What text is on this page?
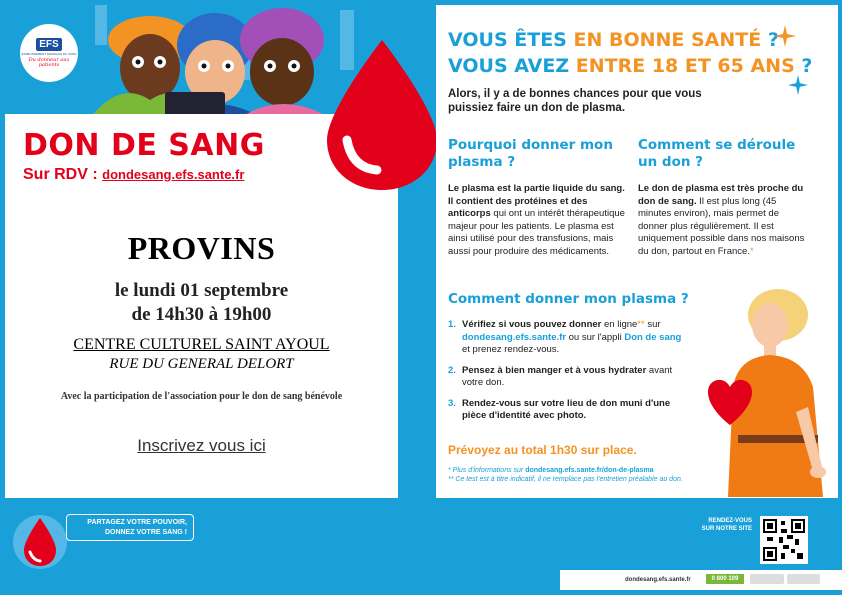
EFS
ÉTABLISSEMENT FRANÇAIS DU SANG
Du donneur aux patients
DON DE SANG
Sur RDV : dondesang.efs.sante.fr
PROVINS
le lundi 01 septembre
de 14h30 à 19h00
CENTRE CULTUREL SAINT AYOUL
RUE DU GENERAL DELORT
Avec la participation de l'association pour le don de sang bénévole
Inscrivez vous ici
VOUS ÊTES EN BONNE SANTÉ ?
VOUS AVEZ ENTRE 18 ET 65 ANS ?
Alors, il y a de bonnes chances pour que vous puissiez faire un don de plasma.
Pourquoi donner mon plasma ?
Le plasma est la partie liquide du sang. Il contient des protéines et des anticorps qui ont un intérêt thérapeutique majeur pour les patients. Le plasma est ainsi utilisé pour des transfusions, mais aussi pour produire des médicaments.
Comment se déroule un don ?
Le don de plasma est très proche du don de sang. Il est plus long (45 minutes environ), mais permet de donner plus régulièrement. Il est uniquement possible dans nos maisons du don, partout en France.*
Comment donner mon plasma ?
1. Vérifiez si vous pouvez donner en ligne** sur dondesang.efs.sante.fr ou sur l'appli Don de sang et prenez rendez-vous.
2. Pensez à bien manger et à vous hydrater avant votre don.
3. Rendez-vous sur votre lieu de don muni d'une pièce d'identité avec photo.
Prévoyez au total 1h30 sur place.
* Plus d'informations sur dondesang.efs.sante.fr/don-de-plasma
** Ce test est à titre indicatif, il ne remplace pas l'entretien préalable au don.
PARTAGEZ VOTRE POUVOIR,
DONNEZ VOTRE SANG !
RENDEZ-VOUS SUR NOTRE SITE
dondesang.efs.sante.fr	0 800 109 900
